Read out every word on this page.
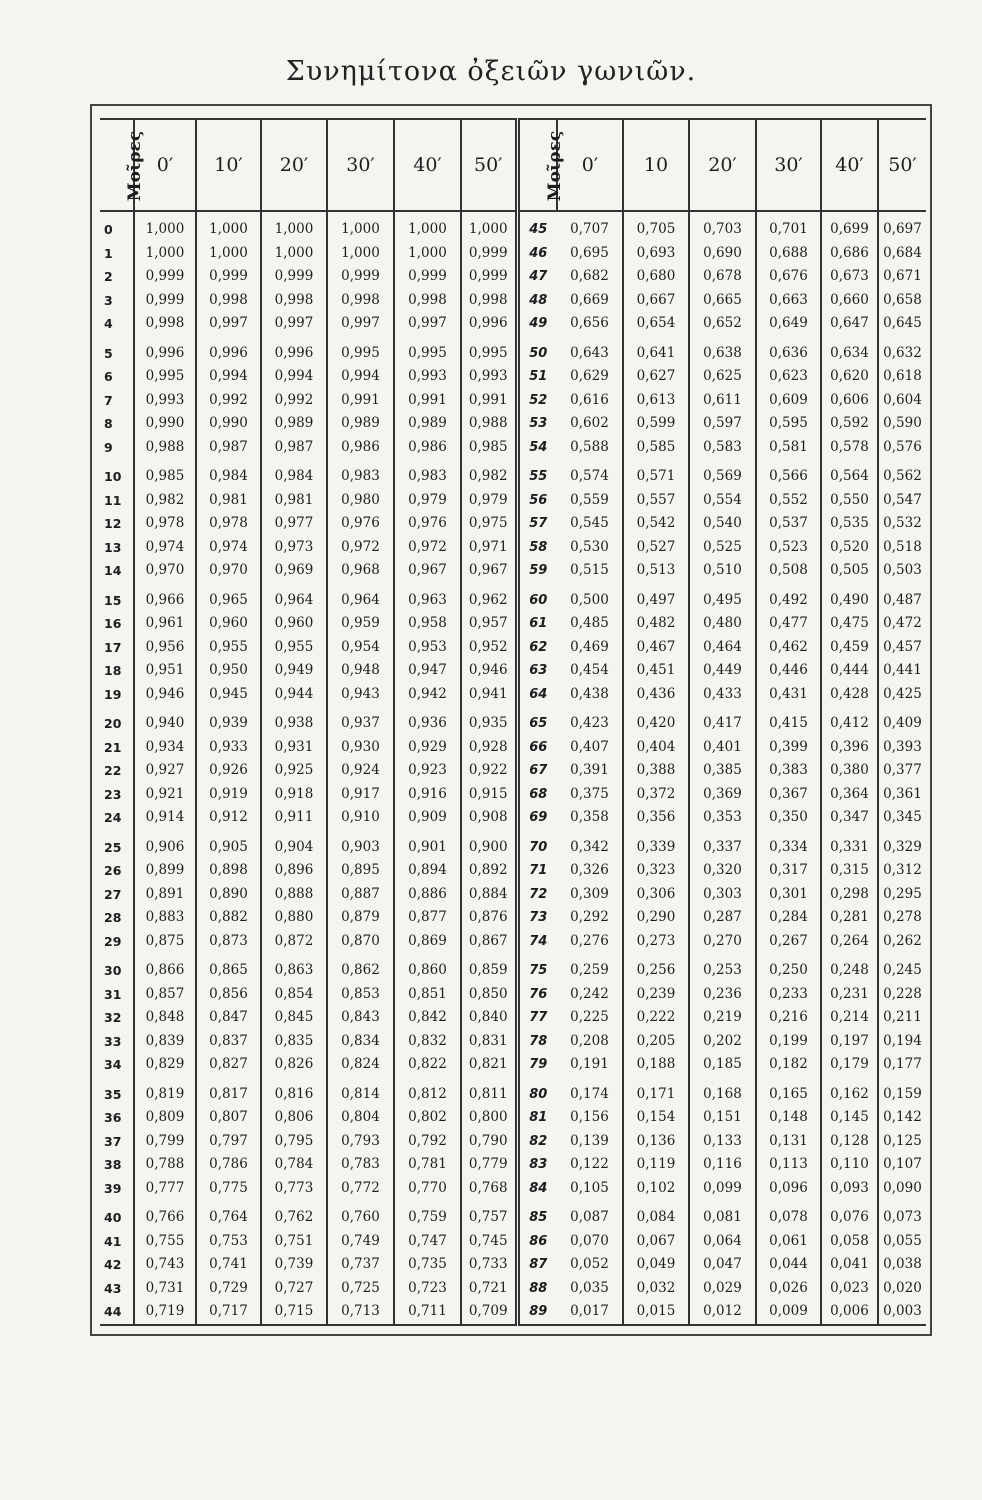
Συνημίτονα ὀξειῶν γωνιῶν.
Μοῖρες	0′	10′	20′	30′	40′	50′	Μοῖρες	0′	10	20′	30′	40′	50′
0	1,000	1,000	1,000	1,000	1,000	1,000	45	0,707	0,705	0,703	0,701	0,699	0,697
1	1,000	1,000	1,000	1,000	1,000	0,999	46	0,695	0,693	0,690	0,688	0,686	0,684
2	0,999	0,999	0,999	0,999	0,999	0,999	47	0,682	0,680	0,678	0,676	0,673	0,671
3	0,999	0,998	0,998	0,998	0,998	0,998	48	0,669	0,667	0,665	0,663	0,660	0,658
4	0,998	0,997	0,997	0,997	0,997	0,996	49	0,656	0,654	0,652	0,649	0,647	0,645
5	0,996	0,996	0,996	0,995	0,995	0,995	50	0,643	0,641	0,638	0,636	0,634	0,632
6	0,995	0,994	0,994	0,994	0,993	0,993	51	0,629	0,627	0,625	0,623	0,620	0,618
7	0,993	0,992	0,992	0,991	0,991	0,991	52	0,616	0,613	0,611	0,609	0,606	0,604
8	0,990	0,990	0,989	0,989	0,989	0,988	53	0,602	0,599	0,597	0,595	0,592	0,590
9	0,988	0,987	0,987	0,986	0,986	0,985	54	0,588	0,585	0,583	0,581	0,578	0,576
10	0,985	0,984	0,984	0,983	0,983	0,982	55	0,574	0,571	0,569	0,566	0,564	0,562
11	0,982	0,981	0,981	0,980	0,979	0,979	56	0,559	0,557	0,554	0,552	0,550	0,547
12	0,978	0,978	0,977	0,976	0,976	0,975	57	0,545	0,542	0,540	0,537	0,535	0,532
13	0,974	0,974	0,973	0,972	0,972	0,971	58	0,530	0,527	0,525	0,523	0,520	0,518
14	0,970	0,970	0,969	0,968	0,967	0,967	59	0,515	0,513	0,510	0,508	0,505	0,503
15	0,966	0,965	0,964	0,964	0,963	0,962	60	0,500	0,497	0,495	0,492	0,490	0,487
16	0,961	0,960	0,960	0,959	0,958	0,957	61	0,485	0,482	0,480	0,477	0,475	0,472
17	0,956	0,955	0,955	0,954	0,953	0,952	62	0,469	0,467	0,464	0,462	0,459	0,457
18	0,951	0,950	0,949	0,948	0,947	0,946	63	0,454	0,451	0,449	0,446	0,444	0,441
19	0,946	0,945	0,944	0,943	0,942	0,941	64	0,438	0,436	0,433	0,431	0,428	0,425
20	0,940	0,939	0,938	0,937	0,936	0,935	65	0,423	0,420	0,417	0,415	0,412	0,409
21	0,934	0,933	0,931	0,930	0,929	0,928	66	0,407	0,404	0,401	0,399	0,396	0,393
22	0,927	0,926	0,925	0,924	0,923	0,922	67	0,391	0,388	0,385	0,383	0,380	0,377
23	0,921	0,919	0,918	0,917	0,916	0,915	68	0,375	0,372	0,369	0,367	0,364	0,361
24	0,914	0,912	0,911	0,910	0,909	0,908	69	0,358	0,356	0,353	0,350	0,347	0,345
25	0,906	0,905	0,904	0,903	0,901	0,900	70	0,342	0,339	0,337	0,334	0,331	0,329
26	0,899	0,898	0,896	0,895	0,894	0,892	71	0,326	0,323	0,320	0,317	0,315	0,312
27	0,891	0,890	0,888	0,887	0,886	0,884	72	0,309	0,306	0,303	0,301	0,298	0,295
28	0,883	0,882	0,880	0,879	0,877	0,876	73	0,292	0,290	0,287	0,284	0,281	0,278
29	0,875	0,873	0,872	0,870	0,869	0,867	74	0,276	0,273	0,270	0,267	0,264	0,262
30	0,866	0,865	0,863	0,862	0,860	0,859	75	0,259	0,256	0,253	0,250	0,248	0,245
31	0,857	0,856	0,854	0,853	0,851	0,850	76	0,242	0,239	0,236	0,233	0,231	0,228
32	0,848	0,847	0,845	0,843	0,842	0,840	77	0,225	0,222	0,219	0,216	0,214	0,211
33	0,839	0,837	0,835	0,834	0,832	0,831	78	0,208	0,205	0,202	0,199	0,197	0,194
34	0,829	0,827	0,826	0,824	0,822	0,821	79	0,191	0,188	0,185	0,182	0,179	0,177
35	0,819	0,817	0,816	0,814	0,812	0,811	80	0,174	0,171	0,168	0,165	0,162	0,159
36	0,809	0,807	0,806	0,804	0,802	0,800	81	0,156	0,154	0,151	0,148	0,145	0,142
37	0,799	0,797	0,795	0,793	0,792	0,790	82	0,139	0,136	0,133	0,131	0,128	0,125
38	0,788	0,786	0,784	0,783	0,781	0,779	83	0,122	0,119	0,116	0,113	0,110	0,107
39	0,777	0,775	0,773	0,772	0,770	0,768	84	0,105	0,102	0,099	0,096	0,093	0,090
40	0,766	0,764	0,762	0,760	0,759	0,757	85	0,087	0,084	0,081	0,078	0,076	0,073
41	0,755	0,753	0,751	0,749	0,747	0,745	86	0,070	0,067	0,064	0,061	0,058	0,055
42	0,743	0,741	0,739	0,737	0,735	0,733	87	0,052	0,049	0,047	0,044	0,041	0,038
43	0,731	0,729	0,727	0,725	0,723	0,721	88	0,035	0,032	0,029	0,026	0,023	0,020
44	0,719	0,717	0,715	0,713	0,711	0,709	89	0,017	0,015	0,012	0,009	0,006	0,003
